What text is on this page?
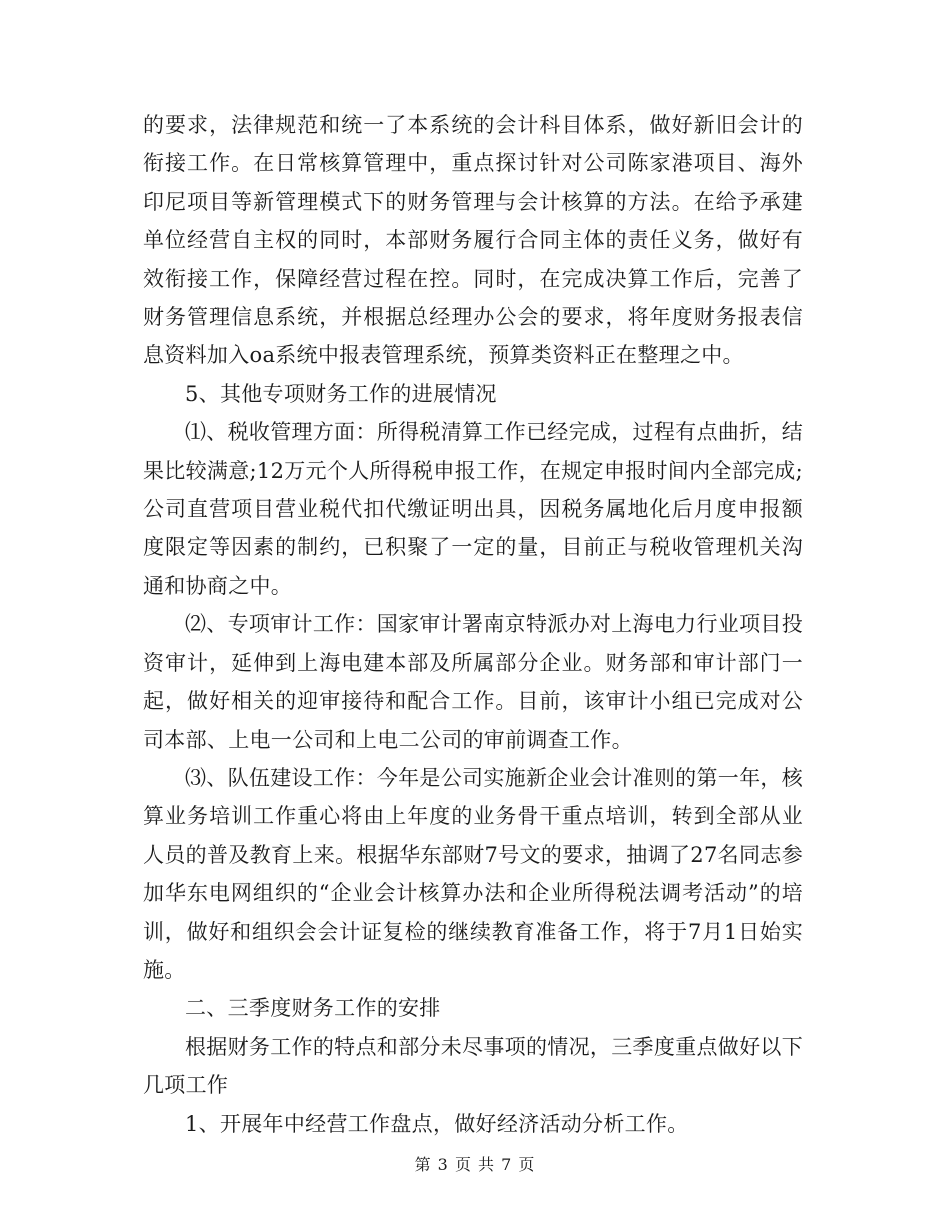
的要求，法律规范和统一了本系统的会计科目体系，做好新旧会计的衔接工作。在日常核算管理中，重点探讨针对公司陈家港项目、海外印尼项目等新管理模式下的财务管理与会计核算的方法。在给予承建单位经营自主权的同时，本部财务履行合同主体的责任义务，做好有效衔接工作，保障经营过程在控。同时，在完成决算工作后，完善了财务管理信息系统，并根据总经理办公会的要求，将年度财务报表信息资料加入oa系统中报表管理系统，预算类资料正在整理之中。

5、其他专项财务工作的进展情况

⑴、税收管理方面：所得税清算工作已经完成，过程有点曲折，结果比较满意;12万元个人所得税申报工作，在规定申报时间内全部完成;公司直营项目营业税代扣代缴证明出具，因税务属地化后月度申报额度限定等因素的制约，已积聚了一定的量，目前正与税收管理机关沟通和协商之中。

⑵、专项审计工作：国家审计署南京特派办对上海电力行业项目投资审计，延伸到上海电建本部及所属部分企业。财务部和审计部门一起，做好相关的迎审接待和配合工作。目前，该审计小组已完成对公司本部、上电一公司和上电二公司的审前调查工作。

⑶、队伍建设工作：今年是公司实施新企业会计准则的第一年，核算业务培训工作重心将由上年度的业务骨干重点培训，转到全部从业人员的普及教育上来。根据华东部财7号文的要求，抽调了27名同志参加华东电网组织的“企业会计核算办法和企业所得税法调考活动”的培训，做好和组织会会计证复检的继续教育准备工作，将于7月1日始实施。

二、三季度财务工作的安排

根据财务工作的特点和部分未尽事项的情况，三季度重点做好以下几项工作

1、开展年中经营工作盘点，做好经济活动分析工作。

第 3 页 共 7 页
